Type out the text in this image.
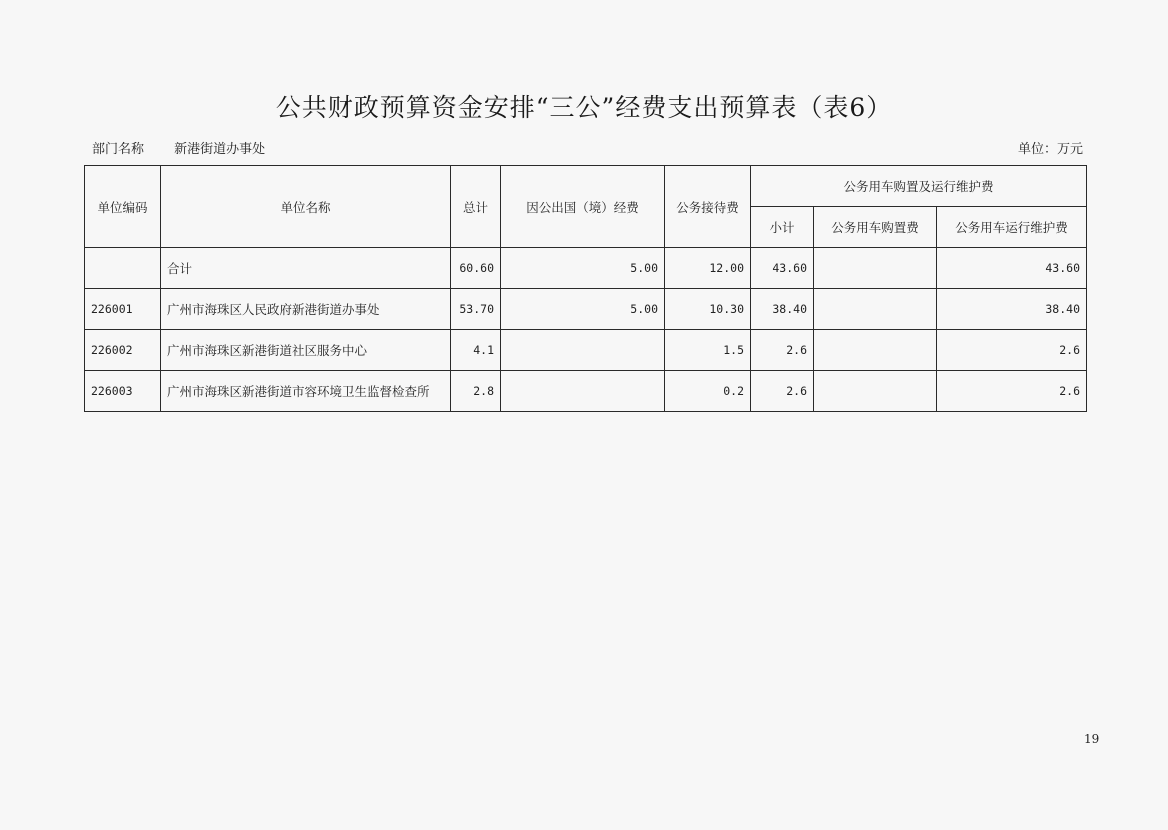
公共财政预算资金安排“三公”经费支出预算表（表6）
部门名称 新港街道办事处	单位：万元
单位编码	单位名称	总计	因公出国（境）经费	公务接待费	公务用车购置及运行维护费		
					小计	公务用车购置费	公务用车运行维护费
	合计	60.60	5.00	12.00	43.60		43.60
226001	广州市海珠区人民政府新港街道办事处	53.70	5.00	10.30	38.40		38.40
226002	广州市海珠区新港街道社区服务中心	4.1		1.5	2.6		2.6
226003	广州市海珠区新港街道市容环境卫生监督检查所	2.8		0.2	2.6		2.6
19
